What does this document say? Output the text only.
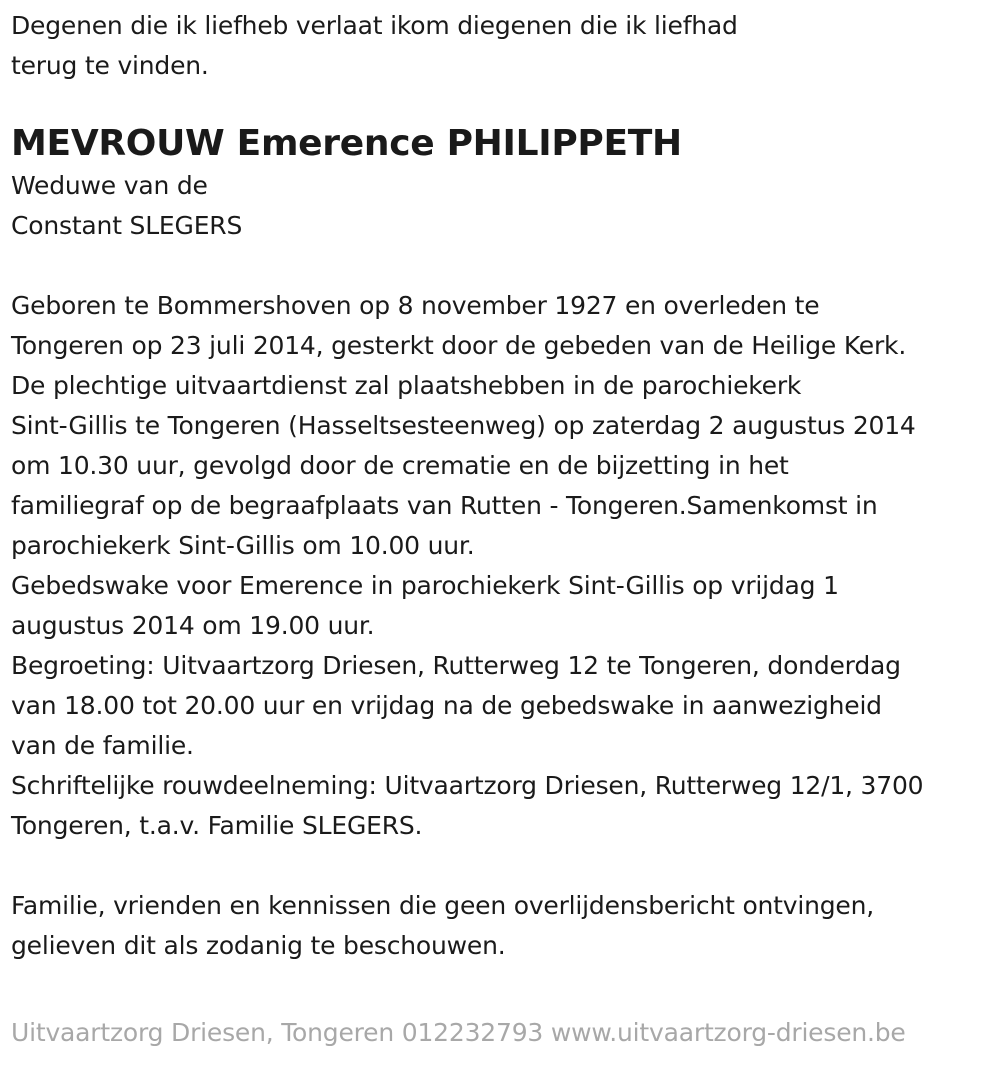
Degenen die ik liefheb verlaat ikom diegenen die ik liefhad
terug te vinden.
MEVROUW Emerence PHILIPPETH
Weduwe van de
Constant SLEGERS
Geboren te Bommershoven op 8 november 1927 en overleden te
Tongeren op 23 juli 2014, gesterkt door de gebeden van de Heilige Kerk.
De plechtige uitvaartdienst zal plaatshebben in de parochiekerk
Sint-Gillis te Tongeren (Hasseltsesteenweg) op zaterdag 2 augustus 2014
om 10.30 uur, gevolgd door de crematie en de bijzetting in het
familiegraf op de begraafplaats van Rutten - Tongeren.Samenkomst in
parochiekerk Sint-Gillis om 10.00 uur.
Gebedswake voor Emerence in parochiekerk Sint-Gillis op vrijdag 1
augustus 2014 om 19.00 uur.
Begroeting: Uitvaartzorg Driesen, Rutterweg 12 te Tongeren, donderdag
van 18.00 tot 20.00 uur en vrijdag na de gebedswake in aanwezigheid
van de familie.
Schriftelijke rouwdeelneming: Uitvaartzorg Driesen, Rutterweg 12/1, 3700
Tongeren, t.a.v. Familie SLEGERS.
Familie, vrienden en kennissen die geen overlijdensbericht ontvingen,
gelieven dit als zodanig te beschouwen.
Uitvaartzorg Driesen, Tongeren 012232793 www.uitvaartzorg-driesen.be
